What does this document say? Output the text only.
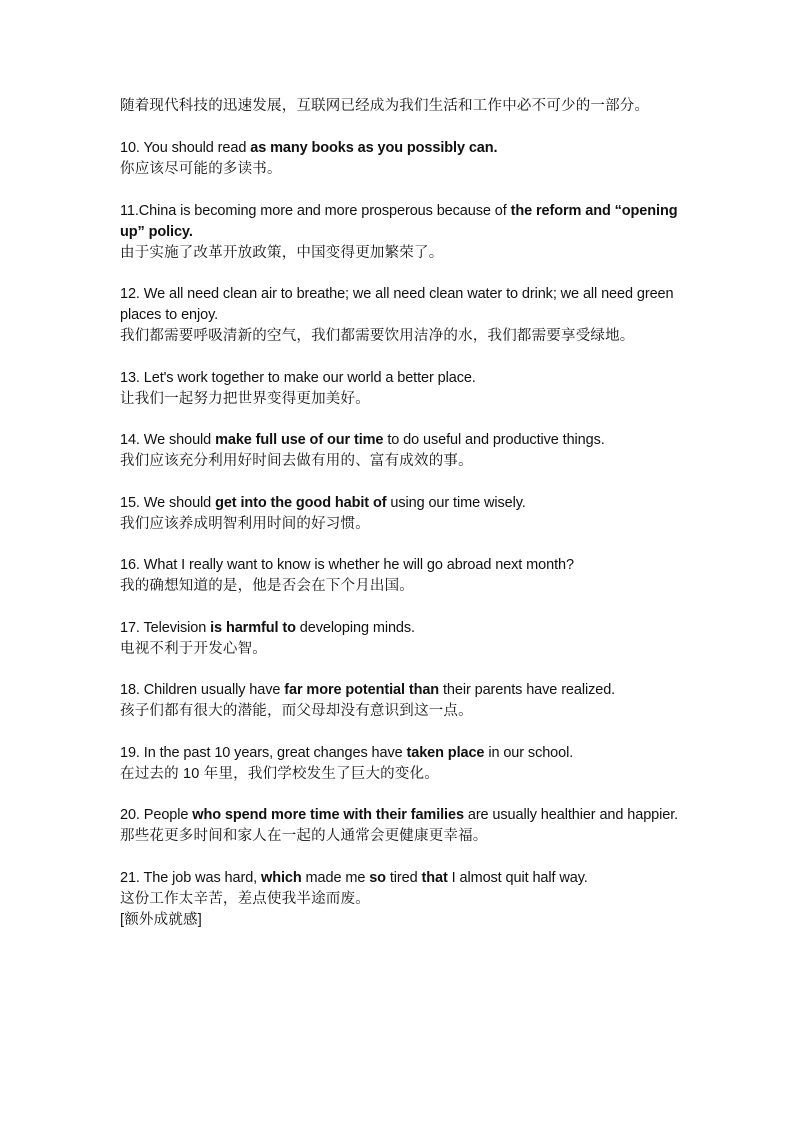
随着现代科技的迅速发展，互联网已经成为我们生活和工作中必不可少的一部分。

10. You should read as many books as you possibly can.

你应该尽可能的多读书。

11.China is becoming more and more prosperous because of the reform and “opening up” policy.

由于实施了改革开放政策，中国变得更加繁荣了。

12. We all need clean air to breathe; we all need clean water to drink; we all need green places to enjoy.

我们都需要呼吸清新的空气，我们都需要饮用洁净的水，我们都需要享受绿地。

13. Let's work together to make our world a better place.

让我们一起努力把世界变得更加美好。

14. We should make full use of our time to do useful and productive things.

我们应该充分利用好时间去做有用的、富有成效的事。

15. We should get into the good habit of using our time wisely.

我们应该养成明智利用时间的好习惯。

16. What I really want to know is whether he will go abroad next month?

我的确想知道的是，他是否会在下个月出国。

17. Television is harmful to developing minds.

电视不利于开发心智。

18. Children usually have far more potential than their parents have realized.

孩子们都有很大的潜能，而父母却没有意识到这一点。

19. In the past 10 years, great changes have taken place in our school.

在过去的 10 年里，我们学校发生了巨大的变化。

20. People who spend more time with their families are usually healthier and happier.

那些花更多时间和家人在一起的人通常会更健康更幸福。

21. The job was hard, which made me so tired that I almost quit half way.

这份工作太辛苦，差点使我半途而废。

[额外成就感]
